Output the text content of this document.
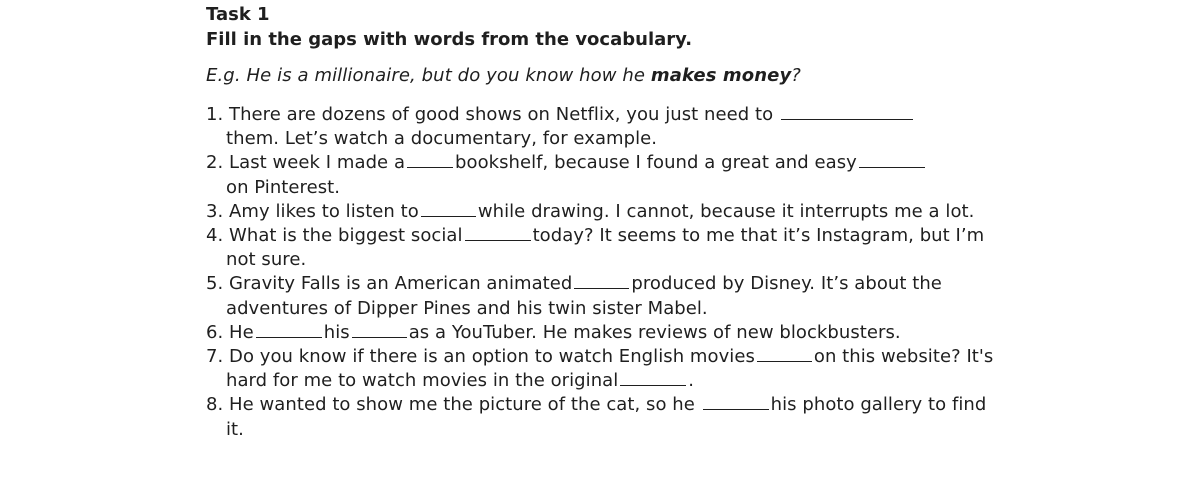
Task 1

Fill in the gaps with words from the vocabulary.

E.g. He is a millionaire, but do you know how he makes money?

1. There are dozens of good shows on Netflix, you just need to
them. Let’s watch a documentary, for example.
2. Last week I made a	bookshelf, because I found a great and easy
on Pinterest.
3. Amy likes to listen to	while drawing. I cannot, because it interrupts me a lot.
4. What is the biggest social	today? It seems to me that it’s Instagram, but I’m not sure.
5. Gravity Falls is an American animated	produced by Disney. It’s about the adventures of Dipper Pines and his twin sister Mabel.
6. He	his	as a YouTuber. He makes reviews of new blockbusters.
7. Do you know if there is an option to watch English movies	on this website? It's hard for me to watch movies in the original	.
8. He wanted to show me the picture of the cat, so he	his photo gallery to find it.
